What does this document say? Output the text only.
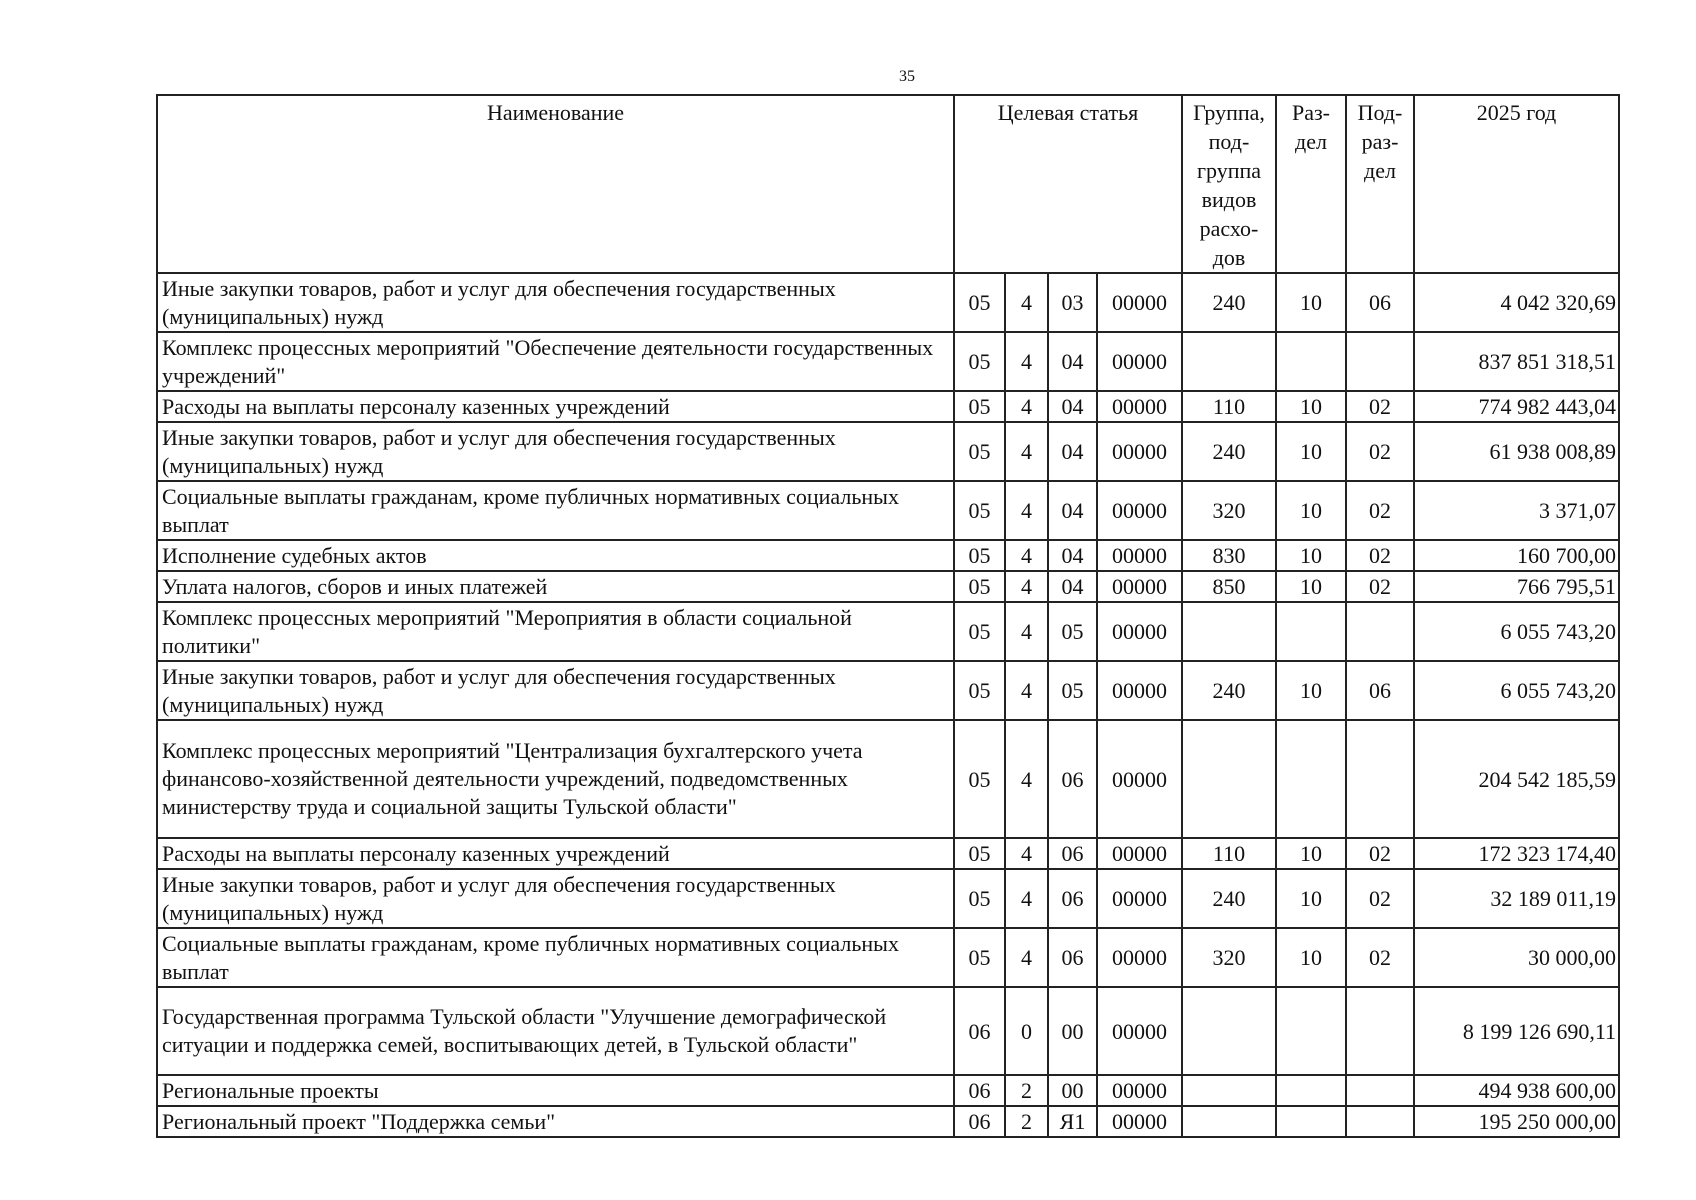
35
Наименование	Целевая статья				Группа, под- группа видов расхо- дов	Раз- дел	Под- раз- дел	2025 год
Иные закупки товаров, работ и услуг для обеспечения государственных (муниципальных) нужд	05	4	03	00000	240	10	06	4 042 320,69
Комплекс процессных мероприятий "Обеспечение деятельности государственных учреждений"	05	4	04	00000				837 851 318,51
Расходы на выплаты персоналу казенных учреждений	05	4	04	00000	110	10	02	774 982 443,04
Иные закупки товаров, работ и услуг для обеспечения государственных (муниципальных) нужд	05	4	04	00000	240	10	02	61 938 008,89
Социальные выплаты гражданам, кроме публичных нормативных социальных выплат	05	4	04	00000	320	10	02	3 371,07
Исполнение судебных актов	05	4	04	00000	830	10	02	160 700,00
Уплата налогов, сборов и иных платежей	05	4	04	00000	850	10	02	766 795,51
Комплекс процессных мероприятий "Мероприятия в области социальной политики"	05	4	05	00000				6 055 743,20
Иные закупки товаров, работ и услуг для обеспечения государственных (муниципальных) нужд	05	4	05	00000	240	10	06	6 055 743,20
Комплекс процессных мероприятий "Централизация бухгалтерского учета финансово-хозяйственной деятельности учреждений, подведомственных министерству труда и социальной защиты Тульской области"	05	4	06	00000				204 542 185,59
Расходы на выплаты персоналу казенных учреждений	05	4	06	00000	110	10	02	172 323 174,40
Иные закупки товаров, работ и услуг для обеспечения государственных (муниципальных) нужд	05	4	06	00000	240	10	02	32 189 011,19
Социальные выплаты гражданам, кроме публичных нормативных социальных выплат	05	4	06	00000	320	10	02	30 000,00
Государственная программа Тульской области "Улучшение демографической ситуации и поддержка семей, воспитывающих детей, в Тульской области"	06	0	00	00000				8 199 126 690,11
Региональные проекты	06	2	00	00000				494 938 600,00
Региональный проект "Поддержка семьи"	06	2	Я1	00000				195 250 000,00
